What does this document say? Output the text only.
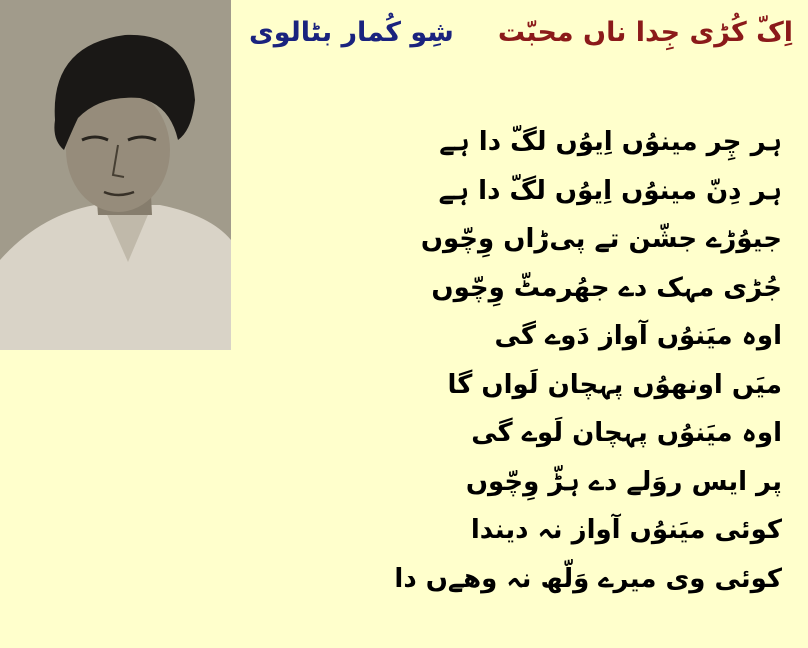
اِکّ کُڑی جِدا ناں محبّت
شِو کُمار بٹالوی
ہر چِر مینوُں اِیوُں لگّ دا ہے
ہر دِنّ مینوُں اِیوُں لگّ دا ہے
جیوُڑے جشّن تے پی‌ڑاں وِچّوں
جُڑی مہک دے جھُرمٹّ وِچّوں
اوہ میَنوُں آواز دَوے گی
میَں اونھوُں پہچان لَواں گا
اوہ میَنوُں پہچان لَوے گی
پر ایس روَلے دے ہڑّ وِچّوں
کوئی میَنوُں آواز نہ دیندا
کوئی وی میرے وَلّھ نہ وھےں دا
